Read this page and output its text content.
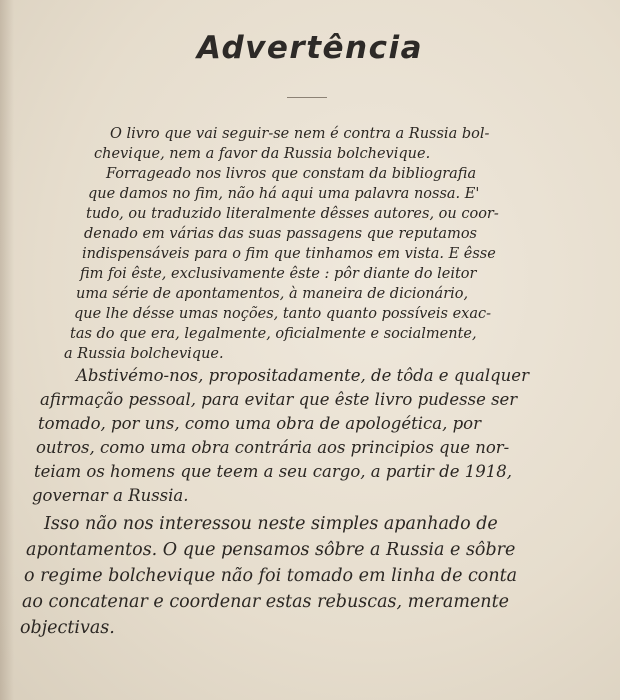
Advertência
O livro que vai seguir-se nem é contra a Russia bol-
chevique, nem a favor da Russia bolchevique.
Forrageado nos livros que constam da bibliografia
que damos no fim, não há aqui uma palavra nossa. E'
tudo, ou traduzido literalmente dêsses autores, ou coor-
denado em várias das suas passagens que reputamos
indispensáveis para o fim que tinhamos em vista. E êsse
fim foi êste, exclusivamente êste : pôr diante do leitor
uma série de apontamentos, à maneira de dicionário,
que lhe désse umas noções, tanto quanto possíveis exac-
tas do que era, legalmente, oficialmente e socialmente,
a Russia bolchevique.
Abstivémo-nos, propositadamente, de tôda e qualquer
afirmação pessoal, para evitar que êste livro pudesse ser
tomado, por uns, como uma obra de apologética, por
outros, como uma obra contrária aos principios que nor-
teiam os homens que teem a seu cargo, a partir de 1918,
governar a Russia.
Isso não nos interessou neste simples apanhado de
apontamentos. O que pensamos sôbre a Russia e sôbre
o regime bolchevique não foi tomado em linha de conta
ao concatenar e coordenar estas rebuscas, meramente
objectivas.
